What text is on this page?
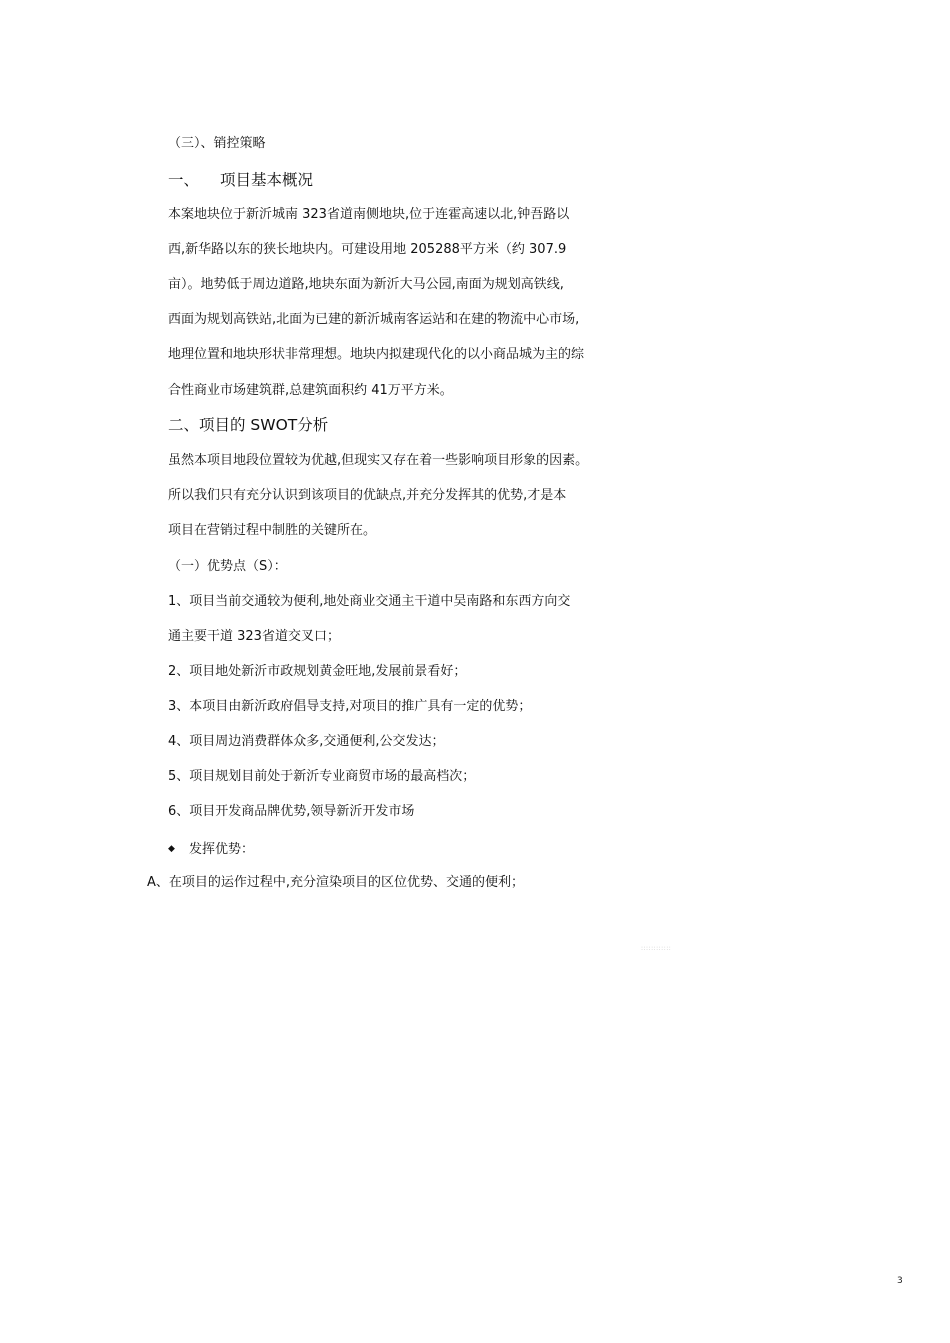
（三）、销控策略
一、 项目基本概况
本案地块位于新沂城南 323省道南侧地块,位于连霍高速以北,钟吾路以
西,新华路以东的狭长地块内。可建设用地 205288平方米（约 307.9
亩）。地势低于周边道路,地块东面为新沂大马公园,南面为规划高铁线,
西面为规划高铁站,北面为已建的新沂城南客运站和在建的物流中心市场,
地理位置和地块形状非常理想。地块内拟建现代化的以小商品城为主的综
合性商业市场建筑群,总建筑面积约 41万平方米。
二、项目的 SWOT分析
虽然本项目地段位置较为优越,但现实又存在着一些影响项目形象的因素。
所以我们只有充分认识到该项目的优缺点,并充分发挥其的优势,才是本
项目在营销过程中制胜的关键所在。
（一）优势点（S）：
1、项目当前交通较为便利,地处商业交通主干道中吴南路和东西方向交
通主要干道 323省道交叉口；
2、项目地处新沂市政规划黄金旺地,发展前景看好；
3、本项目由新沂政府倡导支持,对项目的推广具有一定的优势；
4、项目周边消费群体众多,交通便利,公交发达；
5、项目规划目前处于新沂专业商贸市场的最高档次；
6、项目开发商品牌优势,领导新沂开发市场
◆ 发挥优势：
A、在项目的运作过程中,充分渲染项目的区位优势、交通的便利；
::::::::::::
3
